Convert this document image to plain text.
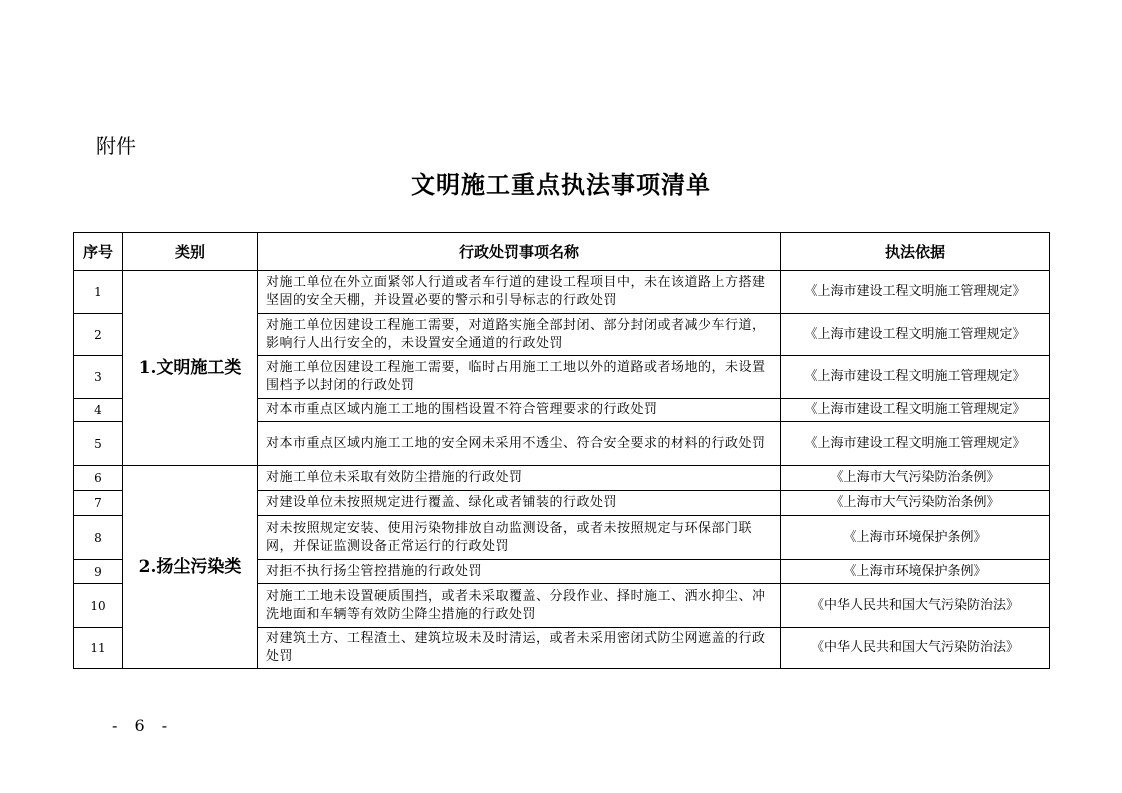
附件
文明施工重点执法事项清单
序号	类别	行政处罚事项名称	执法依据
1	1.文明施工类	对施工单位在外立面紧邻人行道或者车行道的建设工程项目中，未在该道路上方搭建坚固的安全天棚，并设置必要的警示和引导标志的行政处罚	《上海市建设工程文明施工管理规定》
2		对施工单位因建设工程施工需要，对道路实施全部封闭、部分封闭或者减少车行道，影响行人出行安全的，未设置安全通道的行政处罚	《上海市建设工程文明施工管理规定》
3		对施工单位因建设工程施工需要，临时占用施工工地以外的道路或者场地的，未设置围档予以封闭的行政处罚	《上海市建设工程文明施工管理规定》
4		对本市重点区域内施工工地的围档设置不符合管理要求的行政处罚	《上海市建设工程文明施工管理规定》
5		对本市重点区域内施工工地的安全网未采用不透尘、符合安全要求的材料的行政处罚	《上海市建设工程文明施工管理规定》
6	2.扬尘污染类	对施工单位未采取有效防尘措施的行政处罚	《上海市大气污染防治条例》
7		对建设单位未按照规定进行覆盖、绿化或者铺装的行政处罚	《上海市大气污染防治条例》
8		对未按照规定安装、使用污染物排放自动监测设备，或者未按照规定与环保部门联网，并保证监测设备正常运行的行政处罚	《上海市环境保护条例》
9		对拒不执行扬尘管控措施的行政处罚	《上海市环境保护条例》
10		对施工工地未设置硬质围挡，或者未采取覆盖、分段作业、择时施工、洒水抑尘、冲洗地面和车辆等有效防尘降尘措施的行政处罚	《中华人民共和国大气污染防治法》
11		对建筑土方、工程渣土、建筑垃圾未及时清运，或者未采用密闭式防尘网遮盖的行政处罚	《中华人民共和国大气污染防治法》
- 6 -
